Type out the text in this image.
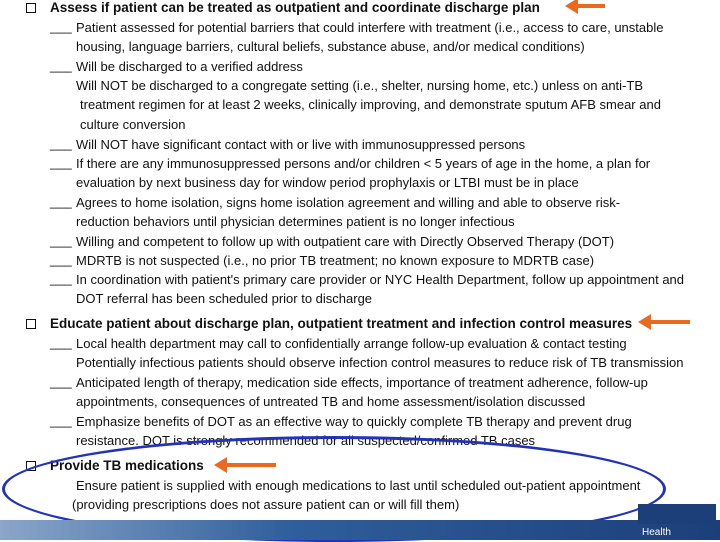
Assess if patient can be treated as outpatient and coordinate discharge plan
___ Patient assessed for potential barriers that could interfere with treatment (i.e., access to care, unstable
housing, language barriers, cultural beliefs, substance abuse, and/or medical conditions)
___ Will be discharged to a verified address
Will NOT be discharged to a congregate setting (i.e., shelter, nursing home, etc.) unless on anti-TB
treatment regimen for at least 2 weeks, clinically improving, and demonstrate sputum AFB smear and
culture conversion
___ Will NOT have significant contact with or live with immunosuppressed persons
___ If there are any immunosuppressed persons and/or children < 5 years of age in the home, a plan for
evaluation by next business day for window period prophylaxis or LTBI must be in place
___ Agrees to home isolation, signs home isolation agreement and willing and able to observe risk-
reduction behaviors until physician determines patient is no longer infectious
___ Willing and competent to follow up with outpatient care with Directly Observed Therapy (DOT)
___ MDRTB is not suspected (i.e., no prior TB treatment; no known exposure to MDRTB case)
___ In coordination with patient's primary care provider or NYC Health Department, follow up appointment and
DOT referral has been scheduled prior to discharge
Educate patient about discharge plan, outpatient treatment and infection control measures
___ Local health department may call to confidentially arrange follow-up evaluation & contact testing
Potentially infectious patients should observe infection control measures to reduce risk of TB transmission
___ Anticipated length of therapy, medication side effects, importance of treatment adherence, follow-up
appointments, consequences of untreated TB and home assessment/isolation discussed
___ Emphasize benefits of DOT as an effective way to quickly complete TB therapy and prevent drug
resistance. DOT is strongly recommended for all suspected/confirmed TB cases
Provide TB medications
Ensure patient is supplied with enough medications to last until scheduled out-patient appointment
(providing prescriptions does not assure patient can or will fill them)
Health
